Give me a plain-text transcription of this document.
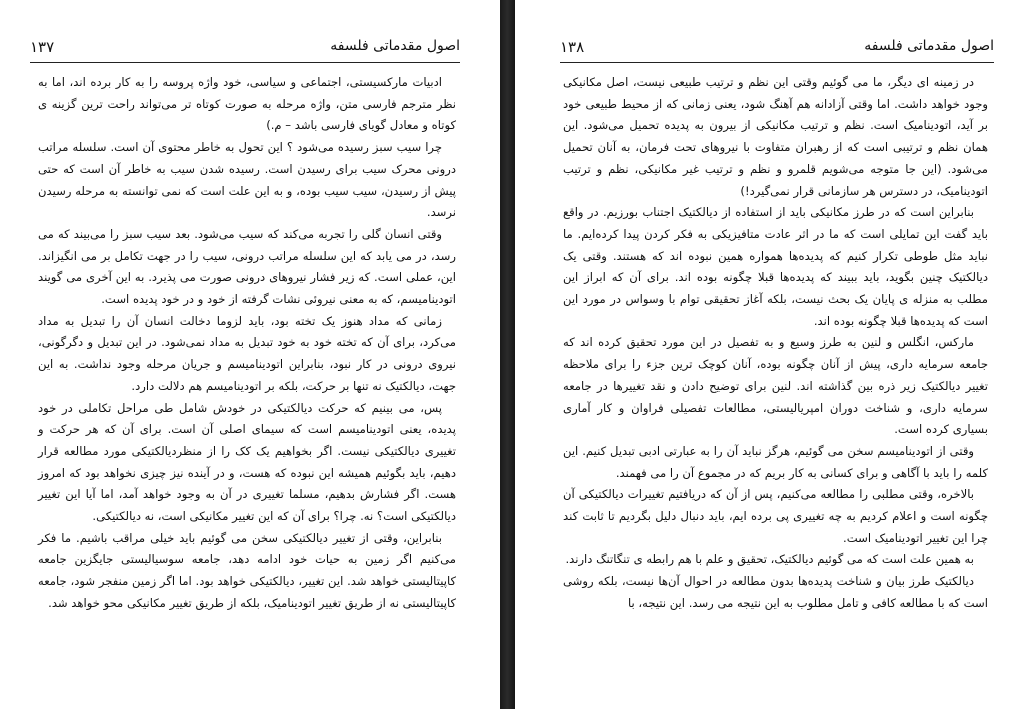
اصول مقدماتی فلسفه
۱۳۷

ادبیات مارکسیستی، اجتماعی و سیاسی، خود واژه پروسه را به کار برده اند، اما به نظر مترجم فارسی متن، واژه مرحله به صورت کوتاه تر می‌تواند راحت ترین گزینه ی کوتاه و معادل گویای فارسی باشد – م.)

چرا سیب سبز رسیده می‌شود ؟ این تحول به خاطر محتوی آن است. سلسله مراتب درونی محرک سیب برای رسیدن است. رسیده شدن سیب به خاطر آن است که حتی پیش از رسیدن، سیب سیب بوده، و به این علت است که نمی توانسته به مرحله رسیدن نرسد.

وقتی انسان گلی را تجربه می‌کند که سیب می‌شود. بعد سیب سبز را می‌بیند که می رسد، در می یابد که این سلسله مراتب درونی، سیب را در جهت تکامل بر می انگیزاند. این، عملی است. که زیر فشار نیروهای درونی صورت می پذیرد. به این آخری می گویند اتودینامیسم، که به معنی نیروئی نشات گرفته از خود و در خود پدیده است.

زمانی که مداد هنوز یک تخته بود، باید لزوما دخالت انسان آن را تبدیل به مداد می‌کرد، برای آن که تخته خود به خود تبدیل به مداد نمی‌شود. در این تبدیل و دگرگونی، نیروی درونی در کار نبود، بنابراین اتودینامیسم و جریان مرحله وجود نداشت. به این جهت، دیالکتیک نه تنها بر حرکت، بلکه بر اتودینامیسم هم دلالت دارد.

پس، می بینیم که حرکت دیالکتیکی در خودش شامل طی مراحل تکاملی در خود پدیده، یعنی اتودینامیسم است که سیمای اصلی آن است. برای آن که هر حرکت و تغییری دیالکتیکی نیست. اگر بخواهیم یک کک را از منظردیالکتیکی مورد مطالعه قرار دهیم، باید بگوئیم همیشه این نبوده که هست، و در آینده نیز چیزی نخواهد بود که امروز هست. اگر فشارش بدهیم، مسلما تغییری در آن به وجود خواهد آمد، اما آیا این تغییر دیالکتیکی است؟ نه. چرا؟ برای آن که این تغییر مکانیکی است، نه دیالکتیکی.

بنابراین، وقتی از تغییر دیالکتیکی سخن می گوئیم باید خیلی مراقب باشیم. ما فکر می‌کنیم اگر زمین به حیات خود ادامه دهد، جامعه سوسیالیستی جایگزین جامعه کاپیتالیستی خواهد شد. این تغییر، دیالکتیکی خواهد بود. اما اگر زمین منفجر شود، جامعه کاپیتالیستی نه از طریق تغییر اتودینامیک، بلکه از طریق تغییر مکانیکی محو خواهد شد.

اصول مقدماتی فلسفه
۱۳۸

در زمینه ای دیگر، ما می گوئیم وقتی این نظم و ترتیب طبیعی نیست، اصل مکانیکی وجود خواهد داشت. اما وقتی آزادانه هم آهنگ شود، یعنی زمانی که از محیط طبیعی خود بر آید، اتودینامیک است. نظم و ترتیب مکانیکی از بیرون به پدیده تحمیل می‌شود. این همان نظم و ترتیبی است که از رهبران متفاوت با نیروهای تحت فرمان، به آنان تحمیل می‌شود. (این جا متوجه می‌شویم قلمرو و نظم و ترتیب غیر مکانیکی، نظم و ترتیب اتودینامیک، در دسترس هر سازمانی قرار نمی‌گیرد!)

بنابراین است که در طرز مکانیکی باید از استفاده از دیالکتیک اجتناب بورزیم. در واقع باید گفت این تمایلی است که ما در اثر عادت متافیزیکی به فکر کردن پیدا کرده‌ایم. ما نباید مثل طوطی تکرار کنیم که پدیده‌ها همواره همین نبوده اند که هستند. وقتی یک دیالکتیک چنین بگوید، باید ببیند که پدیده‌ها قبلا چگونه بوده اند. برای آن که ابراز این مطلب به منزله ی پایان یک بحث نیست، بلکه آغاز تحقیقی توام با وسواس در مورد این است که پدیده‌ها قبلا چگونه بوده اند.

مارکس، انگلس و لنین به طرز وسیع و به تفصیل در این مورد تحقیق کرده اند که جامعه سرمایه داری، پیش از آنان چگونه بوده، آنان کوچک ترین جزء را برای ملاحظه تغییر دیالکتیک زیر ذره بین گذاشته اند. لنین برای توضیح دادن و نقد تغییرها در جامعه سرمایه داری، و شناخت دوران امپریالیستی، مطالعات تفصیلی فراوان و کار آماری بسیاری کرده است.

وقتی از اتودینامیسم سخن می گوئیم، هرگز نباید آن را به عبارتی ادبی تبدیل کنیم. این کلمه را باید با آگاهی و برای کسانی به کار بریم که در مجموع آن را می فهمند.

بالاخره، وقتی مطلبی را مطالعه می‌کنیم، پس از آن که دریافتیم تغییرات دیالکتیکی آن چگونه است و اعلام کردیم به چه تغییری پی برده ایم، باید دنبال دلیل بگردیم تا ثابت کند چرا این تغییر اتودینامیک است.

به همین علت است که می گوئیم دیالکتیک، تحقیق و علم با هم رابطه ی تنگاتنگ دارند.

دیالکتیک طرز بیان و شناخت پدیده‌ها بدون مطالعه در احوال آن‌ها نیست، بلکه روشی است که با مطالعه کافی و تامل مطلوب به این نتیجه می رسد. این نتیجه، با
